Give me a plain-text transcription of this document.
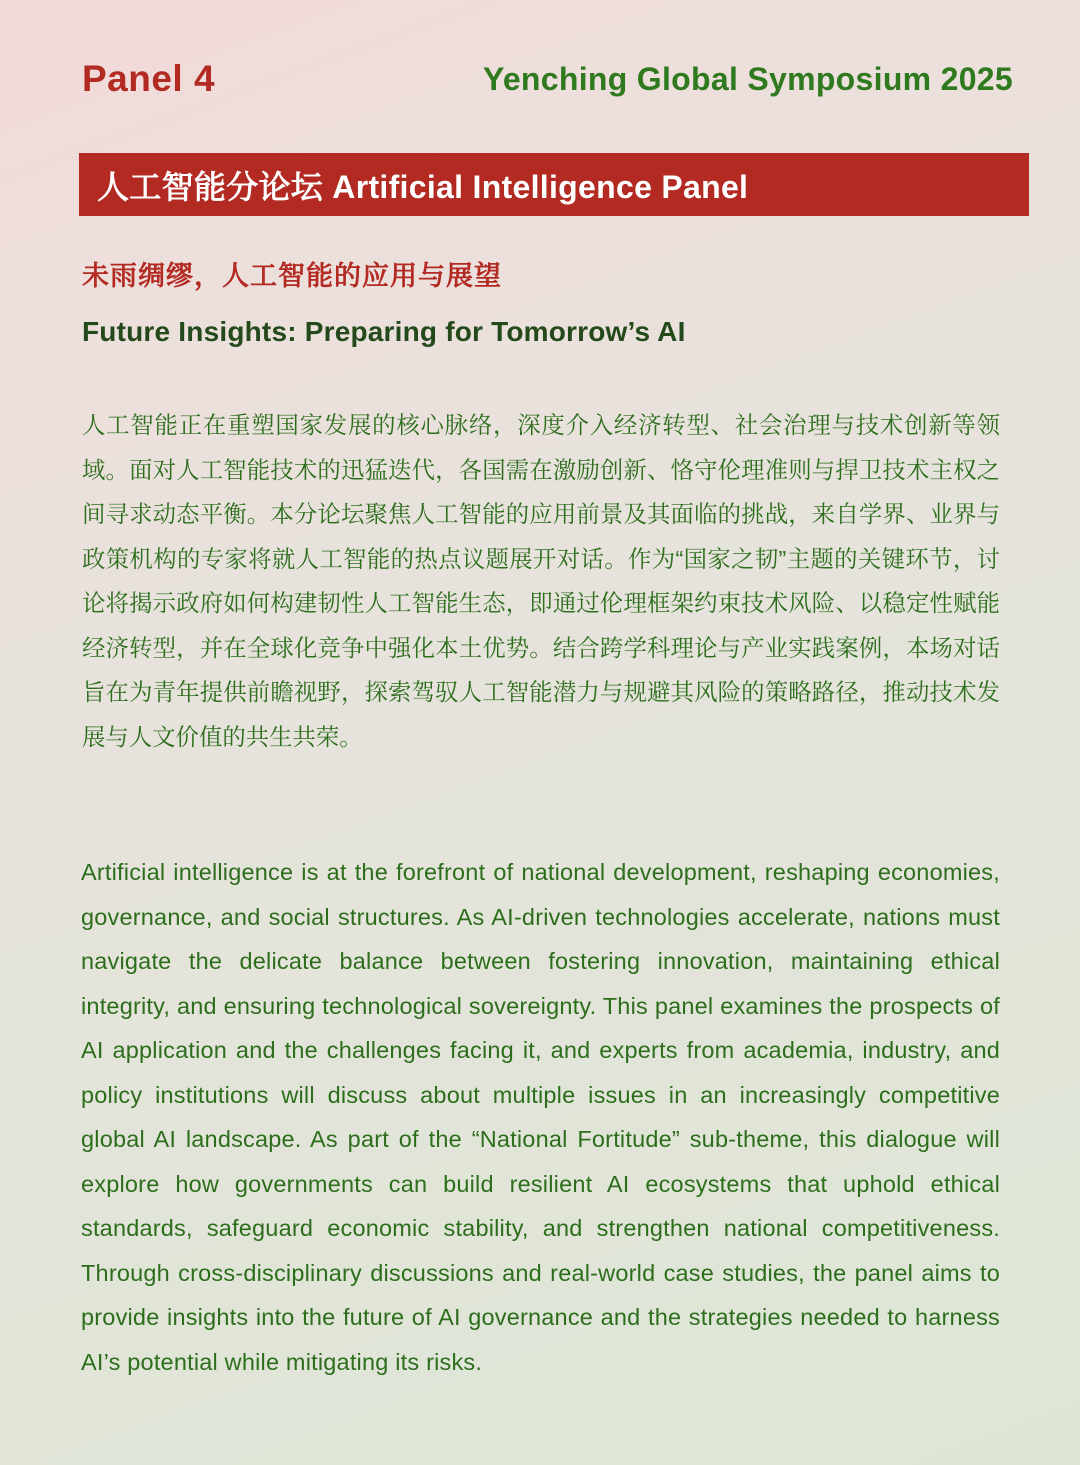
Panel 4	Yenching Global Symposium 2025
人工智能分论坛 Artificial Intelligence Panel
未雨绸缪，人工智能的应用与展望
Future Insights: Preparing for Tomorrow’s AI

人工智能正在重塑国家发展的核心脉络，深度介入经济转型、社会治理与技术创新等领域。面对人工智能技术的迅猛迭代，各国需在激励创新、恪守伦理准则与捍卫技术主权之间寻求动态平衡。本分论坛聚焦人工智能的应用前景及其面临的挑战，来自学界、业界与政策机构的专家将就人工智能的热点议题展开对话。作为“国家之韧”主题的关键环节，讨论将揭示政府如何构建韧性人工智能生态，即通过伦理框架约束技术风险、以稳定性赋能经济转型，并在全球化竞争中强化本土优势。结合跨学科理论与产业实践案例，本场对话旨在为青年提供前瞻视野，探索驾驭人工智能潜力与规避其风险的策略路径，推动技术发展与人文价值的共生共荣。

Artificial intelligence is at the forefront of national development, reshaping economies, governance, and social structures. As AI-driven technologies accelerate, nations must navigate the delicate balance between fostering innovation, maintaining ethical integrity, and ensuring technological sovereignty. This panel examines the prospects of AI application and the challenges facing it, and experts from academia, industry, and policy institutions will discuss about multiple issues in an increasingly competitive global AI landscape. As part of the “National Fortitude” sub-theme, this dialogue will explore how governments can build resilient AI ecosystems that uphold ethical standards, safeguard economic stability, and strengthen national competitiveness. Through cross-disciplinary discussions and real-world case studies, the panel aims to provide insights into the future of AI governance and the strategies needed to harness AI’s potential while mitigating its risks.
